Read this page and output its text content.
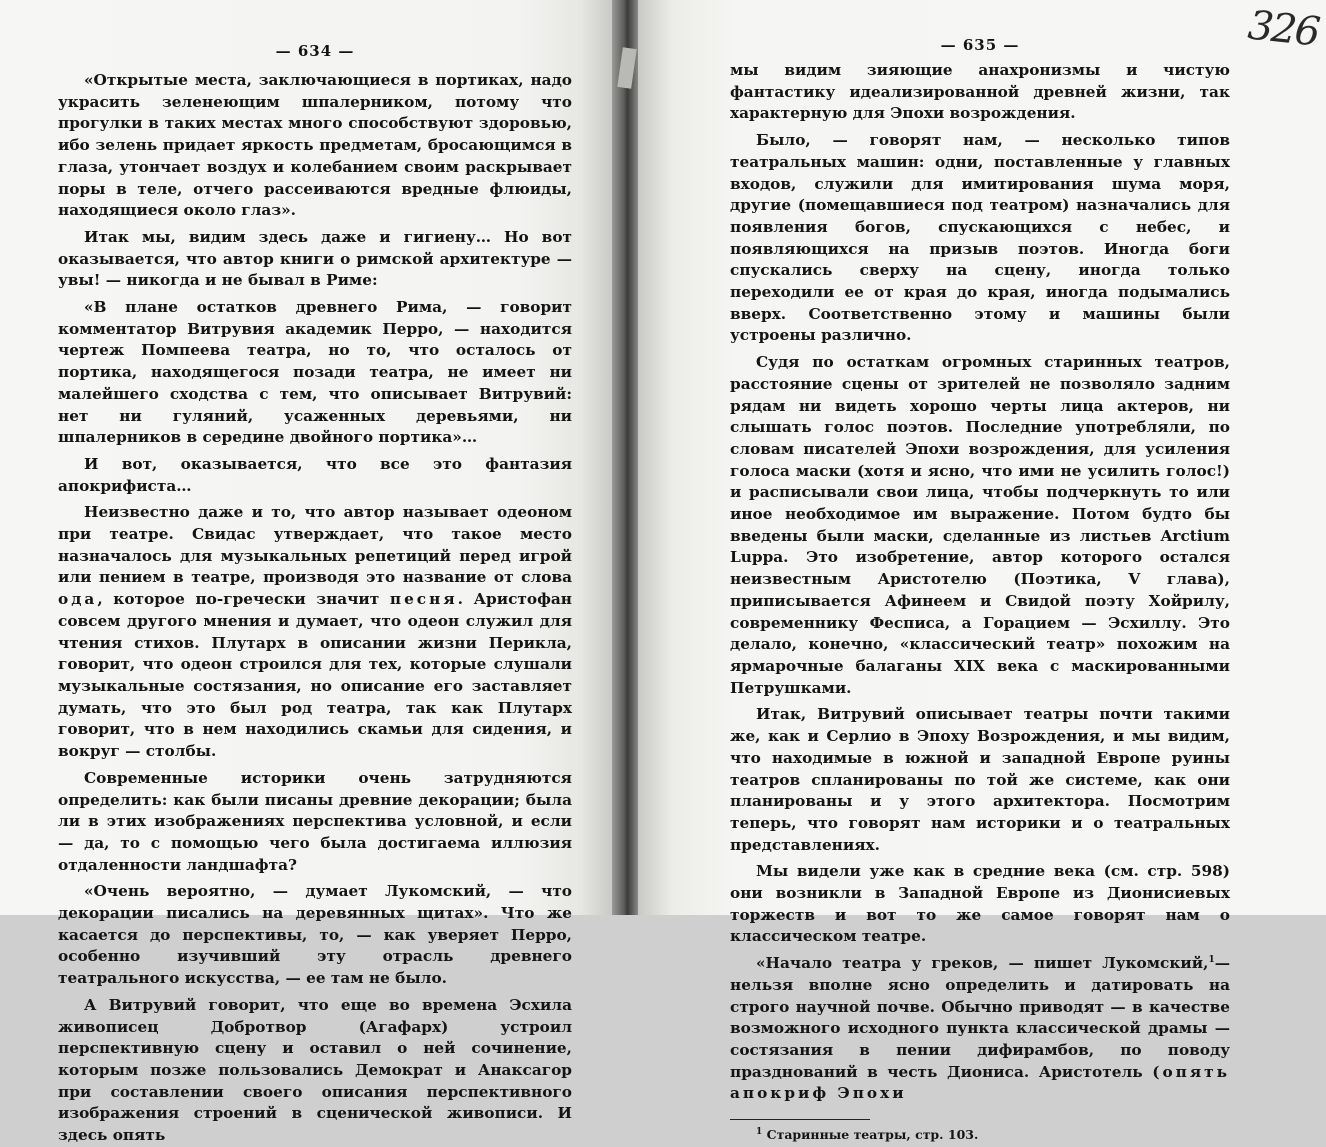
— 634 —

«Открытые места, заключающиеся в портиках, надо украсить зеленеющим шпалерником, потому что прогулки в таких местах много способствуют здоровью, ибо зелень придает яркость предметам, бросающимся в глаза, утончает воздух и колебанием своим раскрывает поры в теле, отчего рассеиваются вредные флюиды, находящиеся около глаз».

Итак мы, видим здесь даже и гигиену… Но вот оказывается, что автор книги о римской архитектуре — увы! — никогда и не бывал в Риме:

«В плане остатков древнего Рима, — говорит комментатор Витрувия академик Перро, — находится чертеж Помпеева театра, но то, что осталось от портика, находящегося позади театра, не имеет ни малейшего сходства с тем, что описывает Витрувий: нет ни гуляний, усаженных деревьями, ни шпалерников в середине двойного портика»…

И вот, оказывается, что все это фантазия апокрифиста…

Неизвестно даже и то, что автор называет одеоном при театре. Свидас утверждает, что такое место назначалось для музыкальных репетиций перед игрой или пением в театре, производя это название от слова ода, которое по-гречески значит песня. Аристофан совсем другого мнения и думает, что одеон служил для чтения стихов. Плутарх в описании жизни Перикла, говорит, что одеон строился для тех, которые слушали музыкальные состязания, но описание его заставляет думать, что это был род театра, так как Плутарх говорит, что в нем находились скамьи для сидения, и вокруг — столбы.

Современные историки очень затрудняются определить: как были писаны древние декорации; была ли в этих изображениях перспектива условной, и если — да, то с помощью чего была достигаема иллюзия отдаленности ландшафта?

«Очень вероятно, — думает Лукомский, — что декорации писались на деревянных щитах». Что же касается до перспективы, то, — как уверяет Перро, особенно изучивший эту отрасль древнего театрального искусства, — ее там не было.

А Витрувий говорит, что еще во времена Эсхила живописец Добротвор (Агафарх) устроил перспективную сцену и оставил о ней сочинение, которым позже пользовались Демократ и Анаксагор при составлении своего описания перспективного изображения строений в сценической живописи. И здесь опять

326
— 635 —

мы видим зияющие анахронизмы и чистую фантастику идеализированной древней жизни, так характерную для Эпохи возрождения.

Было, — говорят нам, — несколько типов театральных машин: одни, поставленные у главных входов, служили для имитирования шума моря, другие (помещавшиеся под театром) назначались для появления богов, спускающихся с небес, и появляющихся на призыв поэтов. Иногда боги спускались сверху на сцену, иногда только переходили ее от края до края, иногда подымались вверх. Соответственно этому и машины были устроены различно.

Судя по остаткам огромных старинных театров, расстояние сцены от зрителей не позволяло задним рядам ни видеть хорошо черты лица актеров, ни слышать голос поэтов. Последние употребляли, по словам писателей Эпохи возрождения, для усиления голоса маски (хотя и ясно, что ими не усилить голос!) и расписывали свои лица, чтобы подчеркнуть то или иное необходимое им выражение. Потом будто бы введены были маски, сделанные из листьев Arctium Luppa. Это изобретение, автор которого остался неизвестным Аристотелю (Поэтика, V глава), приписывается Афинеем и Свидой поэту Хойрилу, современнику Фесписа, а Горацием — Эсхиллу. Это делало, конечно, «классический театр» похожим на ярмарочные балаганы XIX века с маскированными Петрушками.

Итак, Витрувий описывает театры почти такими же, как и Серлио в Эпоху Возрождения, и мы видим, что находимые в южной и западной Европе руины театров спланированы по той же системе, как они планированы и у этого архитектора. Посмотрим теперь, что говорят нам историки и о театральных представлениях.

Мы видели уже как в средние века (см. стр. 598) они возникли в Западной Европе из Дионисиевых торжеств и вот то же самое говорят нам о классическом театре.

«Начало театра у греков, — пишет Лукомский,$^1$— нельзя вполне ясно определить и датировать на строго научной почве. Обычно приводят — в качестве возможного исходного пункта классической драмы — состязания в пении дифирамбов, по поводу празднований в честь Диониса. Аристотель (опять апокриф Эпохи

$^1$ Старинные театры, стр. 103.
